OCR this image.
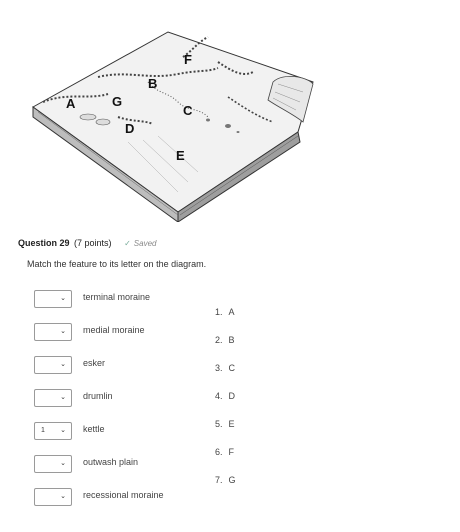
A	G
B
F
C
D
E
Question 29 (7 points) ✓ Saved
Match the feature to its letter on the diagram.
⌄ terminal moraine
⌄ medial moraine
⌄ esker
⌄ drumlin
1 ⌄ kettle
⌄ outwash plain
⌄ recessional moraine
1. A
2. B
3. C
4. D
5. E
6. F
7. G
